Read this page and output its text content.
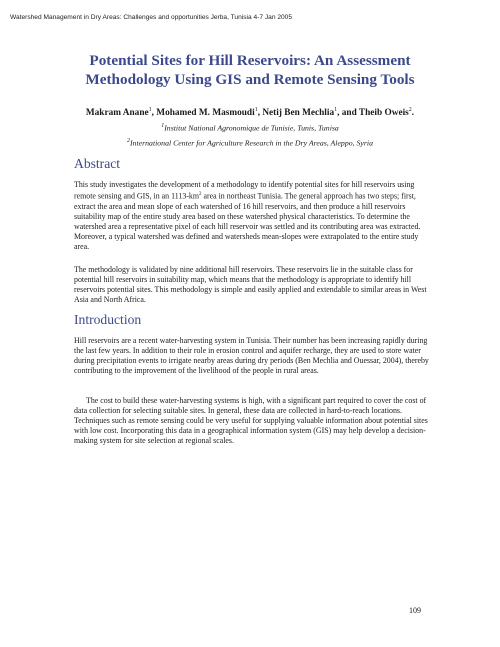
Watershed Management in Dry Areas: Challenges and opportunities Jerba, Tunisia 4-7 Jan 2005
Potential Sites for Hill Reservoirs: An Assessment Methodology Using GIS and Remote Sensing Tools
Makram Anane$^1$, Mohamed M. Masmoudi$^1$, Netij Ben Mechlia$^1$, and Theib Oweis$^2$.
$^1$Institut National Agronomique de Tunisie, Tunis, Tunisa
$^2$International Center for Agriculture Research in the Dry Areas, Aleppo, Syria
Abstract
This study investigates the development of a methodology to identify potential sites for hill reservoirs using remote sensing and GIS, in an $1113-km^2$ area in northeast Tunisia. The general approach has two steps; first, extract the area and mean slope of each watershed of 16 hill reservoirs, and then produce a hill reservoirs suitability map of the entire study area based on these watershed physical characteristics. To determine the watershed area a representative pixel of each hill reservoir was settled and its contributing area was extracted. Moreover, a typical watershed was defined and watersheds mean-slopes were extrapolated to the entire study area.
The methodology is validated by nine additional hill reservoirs. These reservoirs lie in the suitable class for potential hill reservoirs in suitability map, which means that the methodology is appropriate to identify hill reservoirs potential sites. This methodology is simple and easily applied and extendable to similar areas in West Asia and North Africa.
Introduction
Hill reservoirs are a recent water-harvesting system in Tunisia. Their number has been increasing rapidly during the last few years. In addition to their role in erosion control and aquifer recharge, they are used to store water during precipitation events to irrigate nearby areas during dry periods (Ben Mechlia and Ouessar, 2004), thereby contributing to the improvement of the livelihood of the people in rural areas.
The cost to build these water-harvesting systems is high, with a significant part required to cover the cost of data collection for selecting suitable sites. In general, these data are collected in hard-to-reach locations. Techniques such as remote sensing could be very useful for supplying valuable information about potential sites with low cost. Incorporating this data in a geographical information system (GIS) may help develop a decision-making system for site selection at regional scales.
109
